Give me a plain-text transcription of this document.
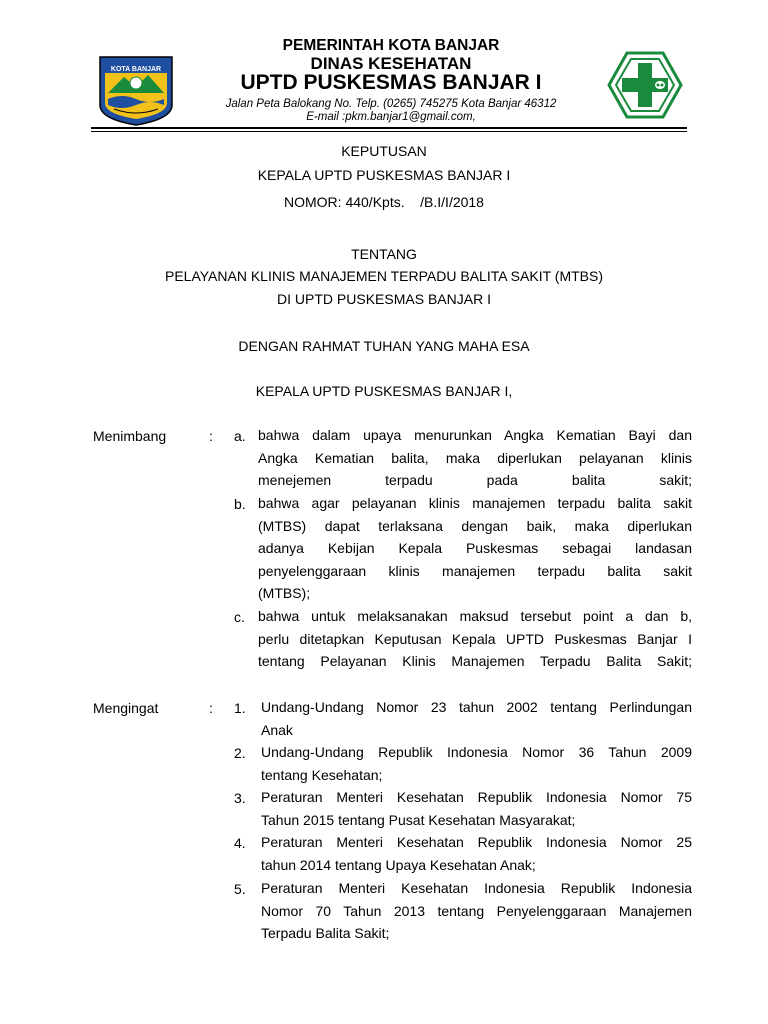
KOTA BANJAR
PEMERINTAH KOTA BANJAR
DINAS KESEHATAN
UPTD PUSKESMAS BANJAR I
Jalan Peta Balokang No. Telp. (0265) 745275 Kota Banjar 46312
E-mail :pkm.banjar1@gmail.com,
KEPUTUSAN
KEPALA UPTD PUSKESMAS BANJAR I
NOMOR: 440/Kpts.    /B.I/I/2018
TENTANG
PELAYANAN KLINIS MANAJEMEN TERPADU BALITA SAKIT (MTBS)
DI UPTD PUSKESMAS BANJAR I
DENGAN RAHMAT TUHAN YANG MAHA ESA
KEPALA UPTD PUSKESMAS BANJAR I,
Menimbang	: a. bahwa dalam upaya menurunkan Angka Kematian Bayi dan
Angka Kematian balita, maka diperlukan pelayanan klinis
menejemen terpadu pada balita sakit;
b. bahwa agar pelayanan klinis manajemen terpadu balita sakit
(MTBS) dapat terlaksana dengan baik, maka diperlukan
adanya Kebijan Kepala Puskesmas sebagai landasan
penyelenggaraan klinis manajemen terpadu balita sakit
(MTBS);
c. bahwa untuk melaksanakan maksud tersebut point a dan b,
perlu ditetapkan Keputusan Kepala UPTD Puskesmas Banjar I
tentang Pelayanan Klinis Manajemen Terpadu Balita Sakit;
Mengingat	: 1. Undang-Undang Nomor 23 tahun 2002 tentang Perlindungan
Anak
2. Undang-Undang Republik Indonesia Nomor 36 Tahun 2009
tentang Kesehatan;
3. Peraturan Menteri Kesehatan Republik Indonesia Nomor 75
Tahun 2015 tentang Pusat Kesehatan Masyarakat;
4. Peraturan Menteri Kesehatan Republik Indonesia Nomor 25
tahun 2014 tentang Upaya Kesehatan Anak;
5. Peraturan Menteri Kesehatan Indonesia Republik Indonesia
Nomor 70 Tahun 2013 tentang Penyelenggaraan Manajemen
Terpadu Balita Sakit;
